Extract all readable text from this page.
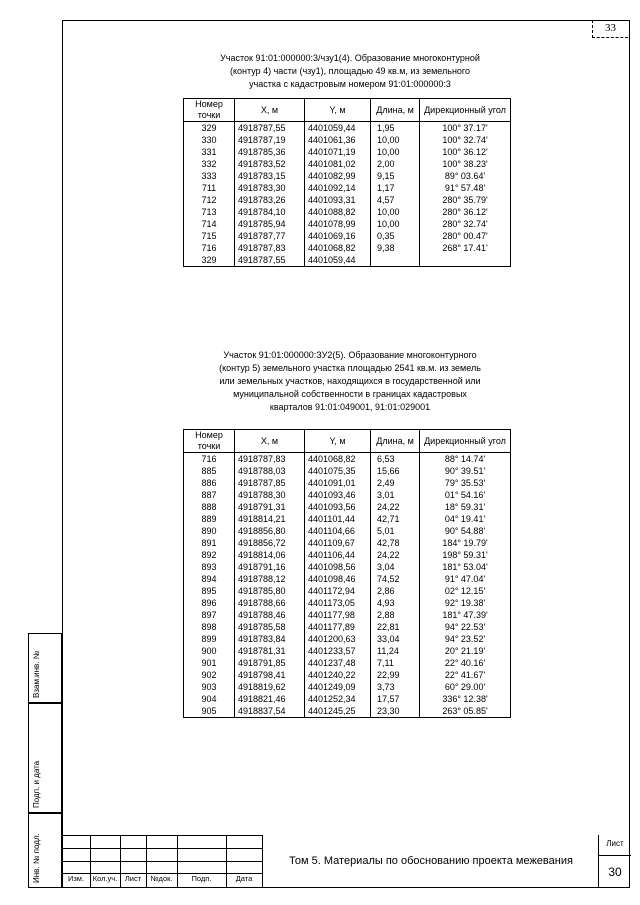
33
Участок 91:01:000000:3/чзу1(4). Образование многоконтурной
(контур 4) части (чзу1), площадью 49 кв.м, из земельного
участка с кадастровым номером 91:01:000000:3
Номер точки	Х, м	Y, м	Длина, м	Дирекционный угол
329	4918787,55	4401059,44	1,95	100° 37.17'
330	4918787,19	4401061,36	10,00	100° 32.74'
331	4918785,36	4401071,19	10,00	100° 36.12'
332	4918783,52	4401081,02	2,00	100° 38.23'
333	4918783,15	4401082,99	9,15	89° 03.64'
711	4918783,30	4401092,14	1,17	91° 57.48'
712	4918783,26	4401093,31	4,57	280° 35.79'
713	4918784,10	4401088,82	10,00	280° 36.12'
714	4918785,94	4401078,99	10,00	280° 32.74'
715	4918787,77	4401069,16	0,35	280° 00.47'
716	4918787,83	4401068,82	9,38	268° 17.41'
329	4918787,55	4401059,44		
Участок 91:01:000000:ЗУ2(5). Образование многоконтурного
(контур 5) земельного участка площадью 2541 кв.м. из земель
или земельных участков, находящихся в государственной или
муниципальной собственности в границах кадастровых
кварталов 91:01:049001, 91:01:029001
Номер точки	Х, м	Y, м	Длина, м	Дирекционный угол
716	4918787,83	4401068,82	6,53	88° 14.74'
885	4918788,03	4401075,35	15,66	90° 39.51'
886	4918787,85	4401091,01	2,49	79° 35.53'
887	4918788,30	4401093,46	3,01	01° 54.16'
888	4918791,31	4401093,56	24,22	18° 59.31'
889	4918814,21	4401101,44	42,71	04° 19.41'
890	4918856,80	4401104,66	5,01	90° 54.88'
891	4918856,72	4401109,67	42,78	184° 19.79'
892	4918814,06	4401106,44	24,22	198° 59.31'
893	4918791,16	4401098,56	3,04	181° 53.04'
894	4918788,12	4401098,46	74,52	91° 47.04'
895	4918785,80	4401172,94	2,86	02° 12.15'
896	4918788,66	4401173,05	4,93	92° 19.38'
897	4918788,46	4401177,98	2,88	181° 47.39'
898	4918785,58	4401177,89	22,81	94° 22.53'
899	4918783,84	4401200,63	33,04	94° 23.52'
900	4918781,31	4401233,57	11,24	20° 21.19'
901	4918791,85	4401237,48	7,11	22° 40.16'
902	4918798,41	4401240,22	22,99	22° 41.67'
903	4918819,62	4401249,09	3,73	60° 29.00'
904	4918821,46	4401252,34	17,57	336° 12.38'
905	4918837,54	4401245,25	23,30	263° 05.85'
Взам.инв. №
Подп. и дата
Инв. № подл.	Изм.	Кол.уч.	Лист	№док.	Подп.	Дата
Том 5. Материалы по обоснованию проекта межевания
Лист
30
